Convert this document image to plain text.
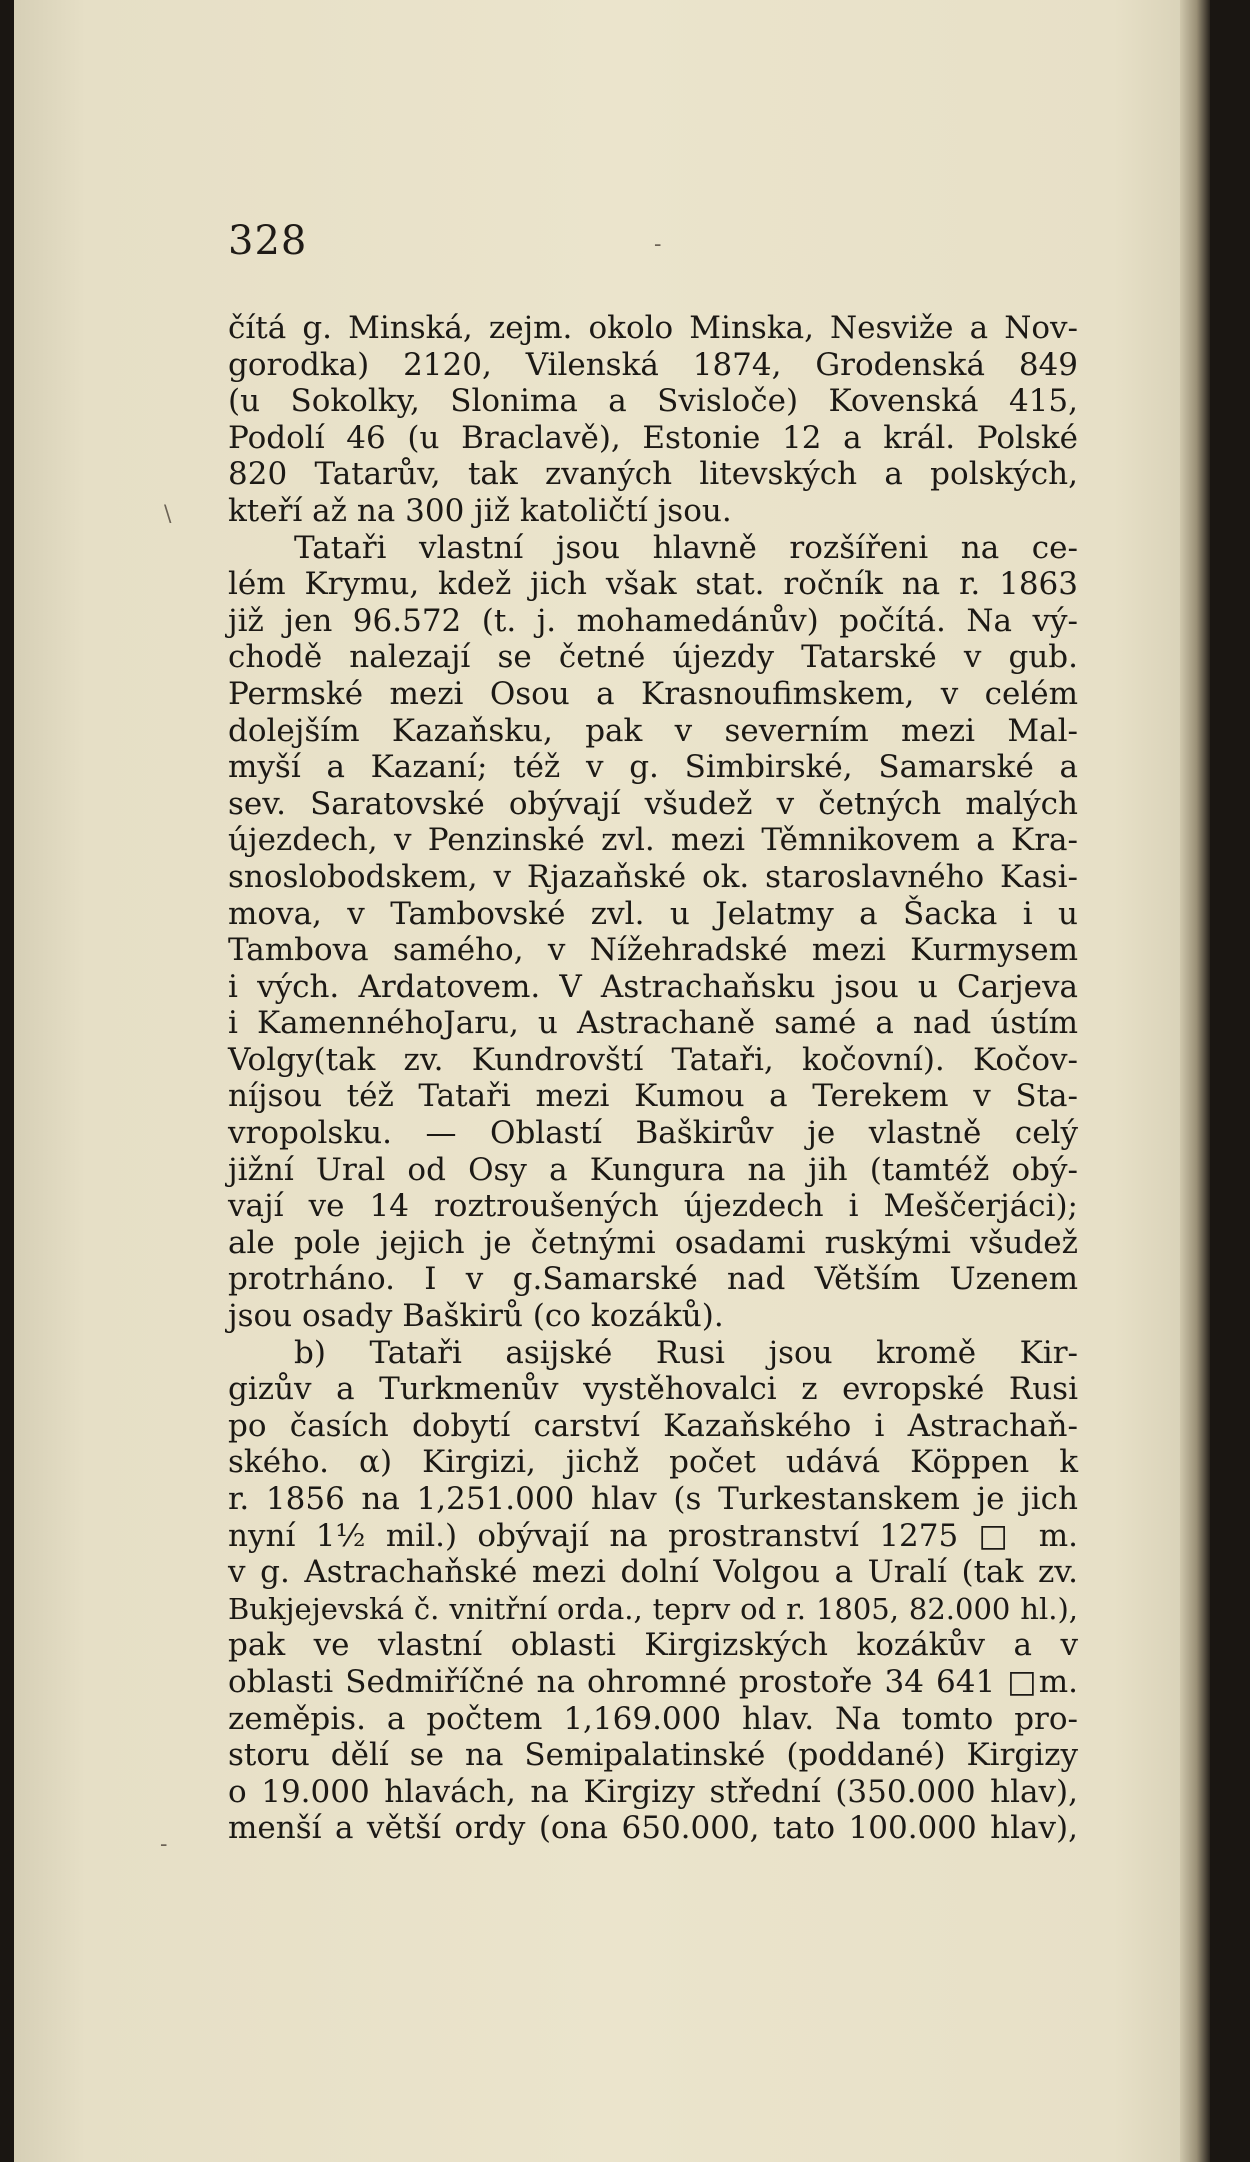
-
\
-
328
čítá g. Minská, zejm. okolo Minska, Nesviže a Nov-
gorodka) 2120, Vilenská 1874, Grodenská 849
(u Sokolky, Slonima a Svisloče) Kovenská 415,
Podolí 46 (u Braclavě), Estonie 12 a král. Polské
820 Tatarův, tak zvaných litevských a polských,
kteří až na 300 již katoličtí jsou.
Tataři vlastní jsou hlavně rozšířeni na ce-
lém Krymu, kdež jich však stat. ročník na r. 1863
již jen 96.572 (t. j. mohamedánův) počítá. Na vý-
chodě nalezají se četné újezdy Tatarské v gub.
Permské mezi Osou a Krasnoufimskem, v celém
dolejším Kazaňsku, pak v severním mezi Mal-
myší a Kazaní; též v g. Simbirské, Samarské a
sev. Saratovské obývají všudež v četných malých
újezdech, v Penzinské zvl. mezi Těmnikovem a Kra-
snoslobodskem, v Rjazaňské ok. staroslavného Kasi-
mova, v Tambovské zvl. u Jelatmy a Šacka i u
Tambova samého, v Nížehradské mezi Kurmysem
i vých. Ardatovem. V Astrachaňsku jsou u Carjeva
i KamennéhoJaru, u Astrachaně samé a nad ústím
Volgy(tak zv. Kundrovští Tataři, kočovní). Kočov-
níjsou též Tataři mezi Kumou a Terekem v Sta-
vropolsku. — Oblastí Baškirův je vlastně celý
jižní Ural od Osy a Kungura na jih (tamtéž obý-
vají ve 14 roztroušených újezdech i Meščerjáci);
ale pole jejich je četnými osadami ruskými všudež
protrháno. I v g.Samarské nad Větším Uzenem
jsou osady Baškirů (co kozáků).
b) Tataři asijské Rusi jsou kromě Kir-
gizův a Turkmenův vystěhovalci z evropské Rusi
po časích dobytí carství Kazaňského i Astrachaň-
ského. α) Kirgizi, jichž počet udává Köppen k
r. 1856 na 1,251.000 hlav (s Turkestanskem je jich
nyní 1½ mil.) obývají na prostranství 1275 □ m.
v g. Astrachaňské mezi dolní Volgou a Uralí (tak zv.
Bukjejevská č. vnitřní orda., teprv od r. 1805, 82.000 hl.),
pak ve vlastní oblasti Kirgizských kozákův a v
oblasti Sedmiříčné na ohromné prostoře 34 641 □m.
zeměpis. a počtem 1,169.000 hlav. Na tomto pro-
storu dělí se na Semipalatinské (poddané) Kirgizy
o 19.000 hlavách, na Kirgizy střední (350.000 hlav),
menší a větší ordy (ona 650.000, tato 100.000 hlav),
